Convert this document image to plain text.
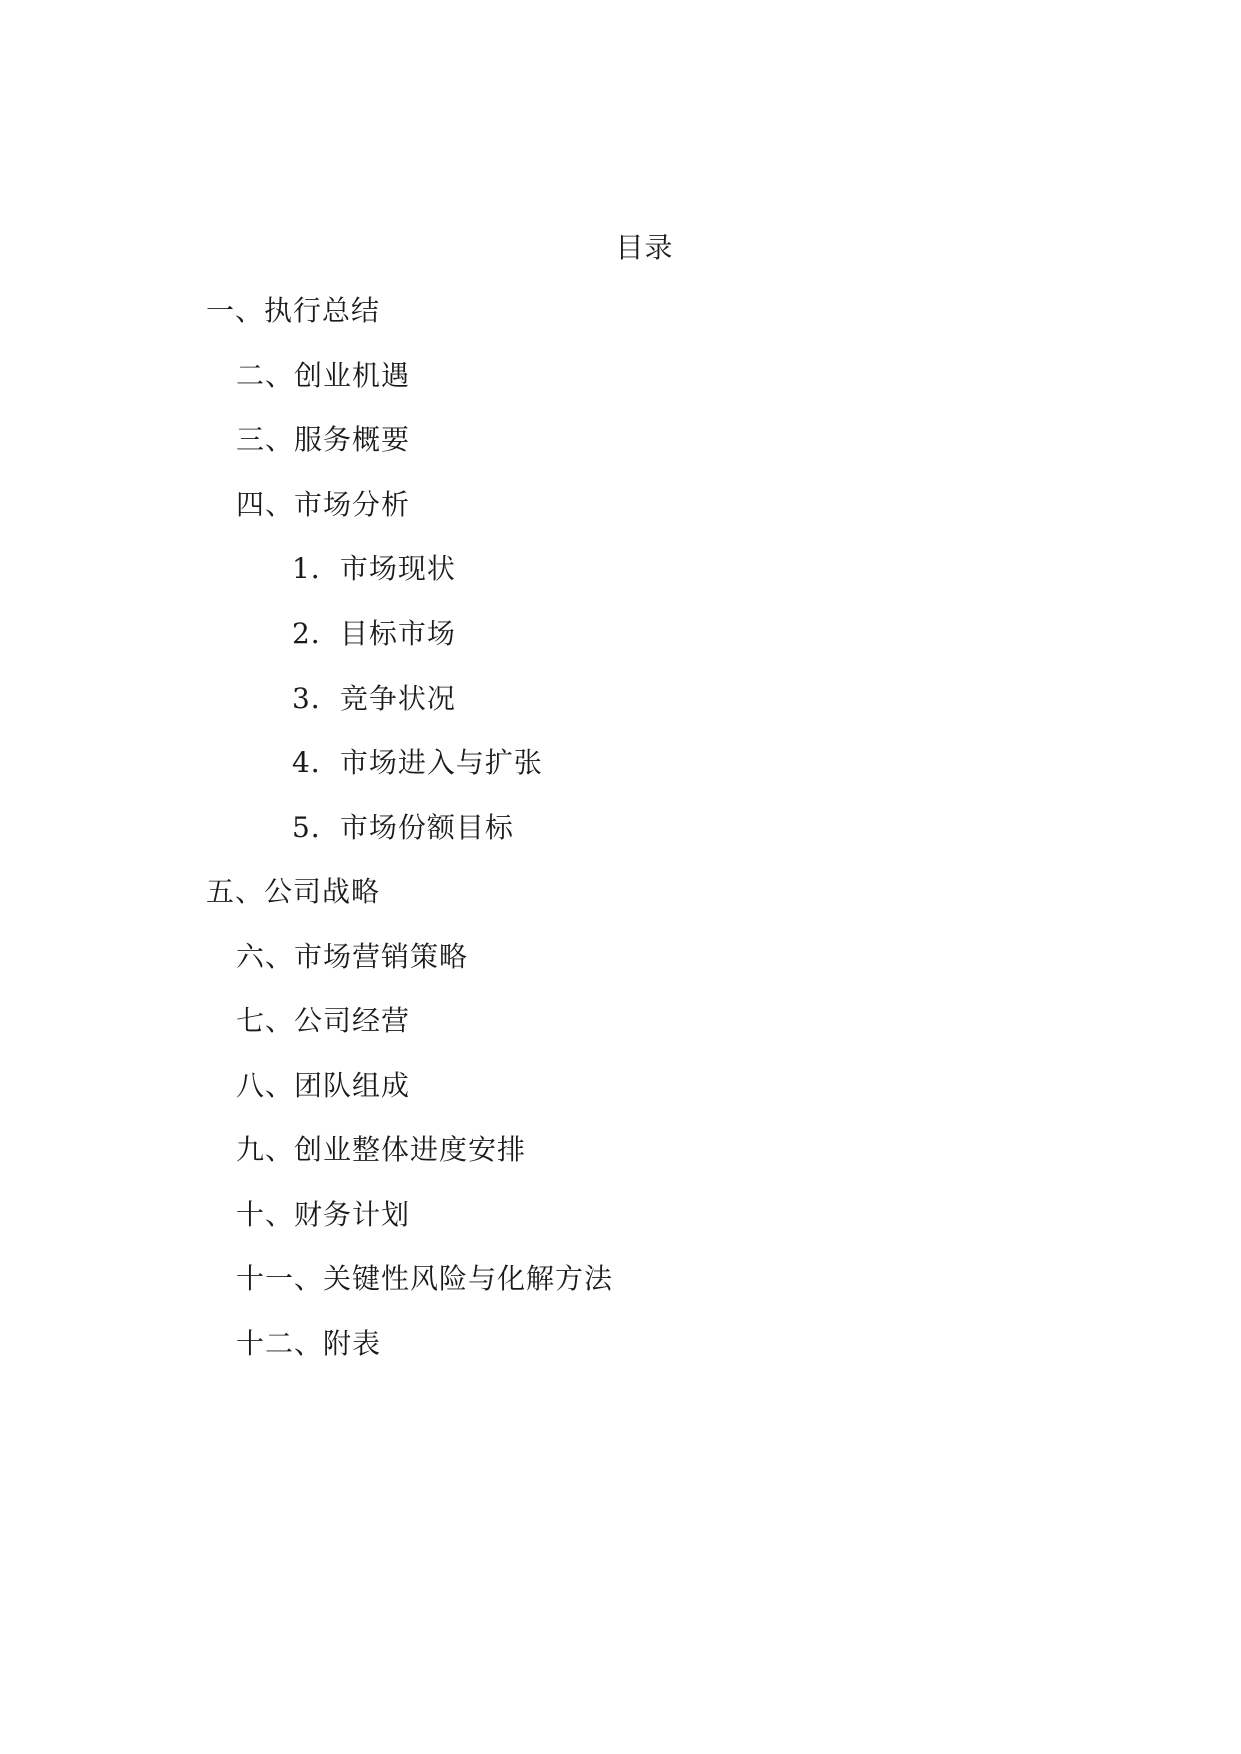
目录
一、执行总结
二、创业机遇
三、服务概要
四、市场分析
1．市场现状
2．目标市场
3．竞争状况
4．市场进入与扩张
5．市场份额目标
五、公司战略
六、市场营销策略
七、公司经营
八、团队组成
九、创业整体进度安排
十、财务计划
十一、关键性风险与化解方法
十二、附表
